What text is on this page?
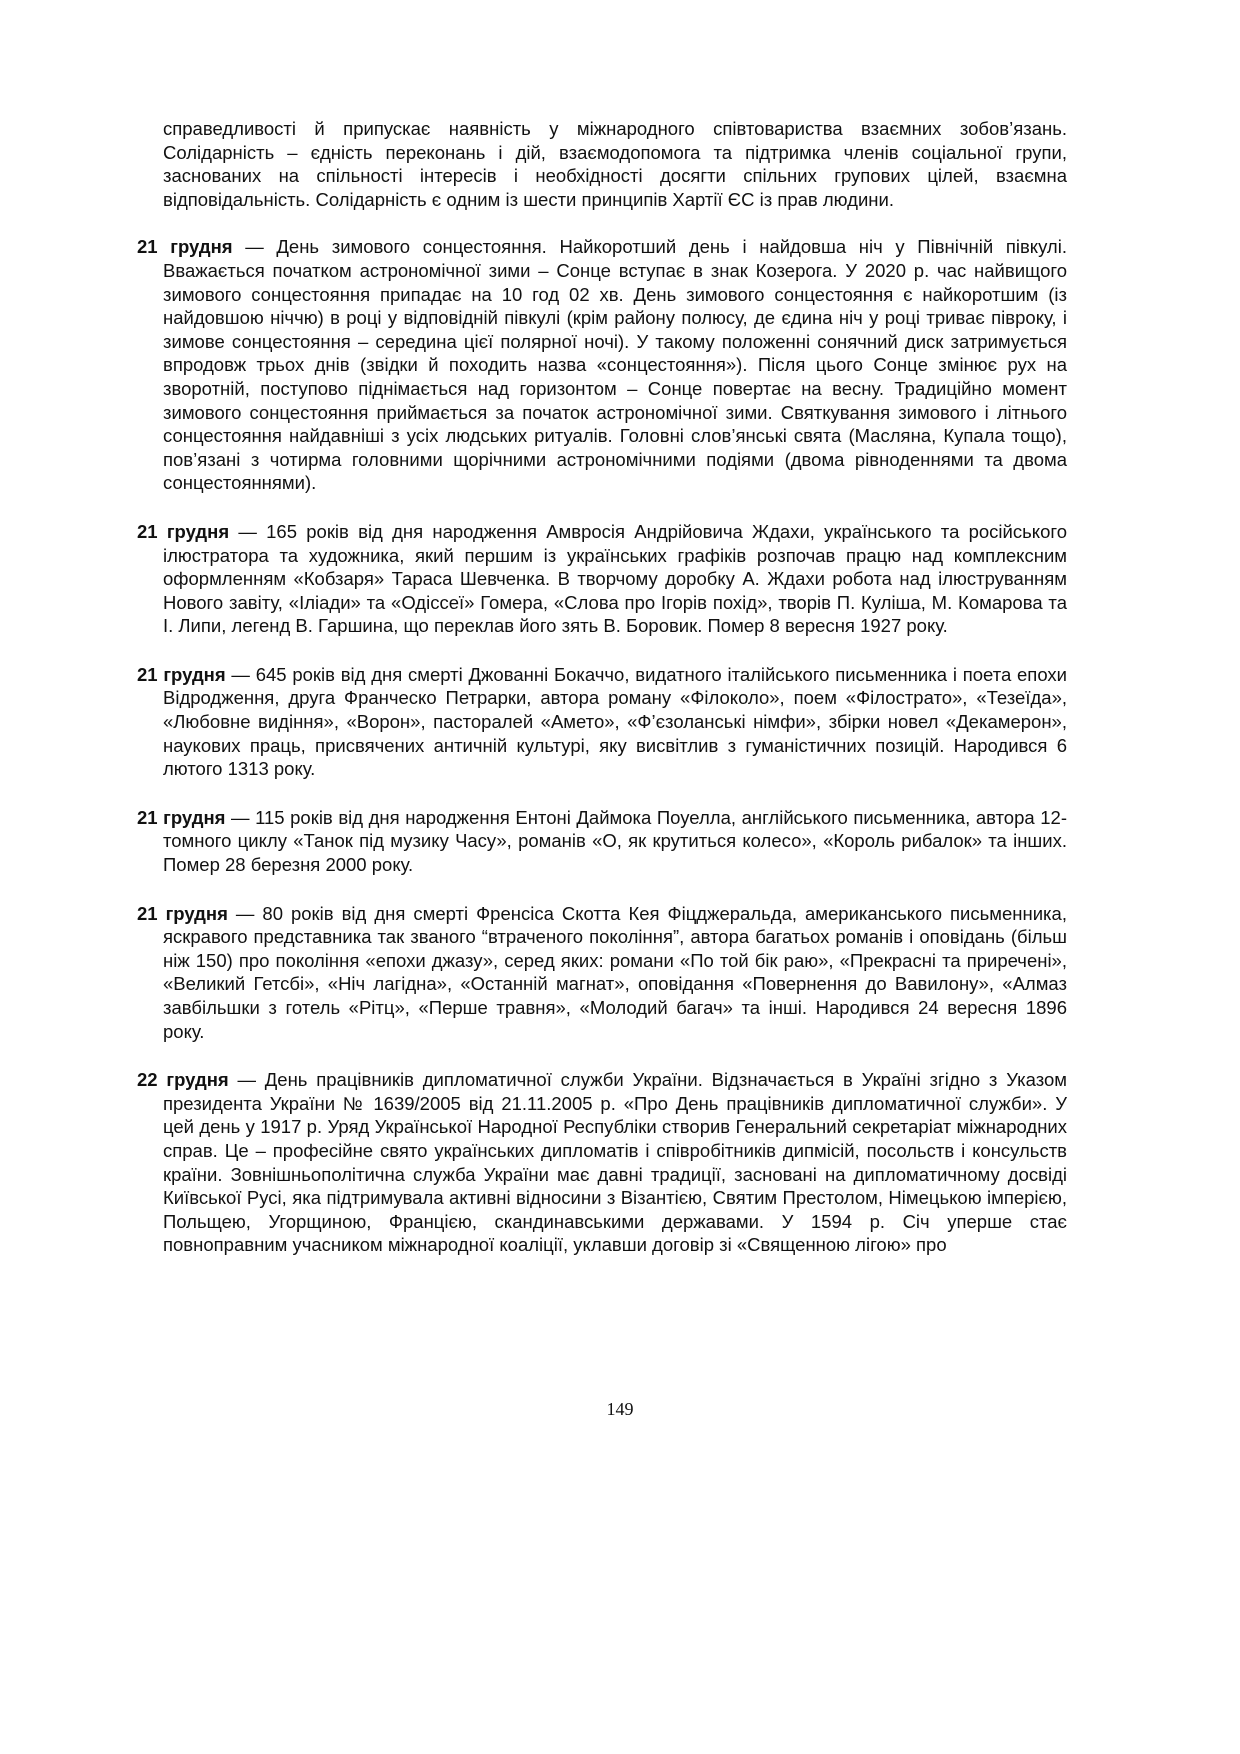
справедливості й припускає наявність у міжнародного співтовариства взаємних зобов’язань. Солідарність – єдність переконань і дій, взаємодопомога та підтримка членів соціальної групи, заснованих на спільності інтересів і необхідності досягти спільних групових цілей, взаємна відповідальність. Солідарність є одним із шести принципів Хартії ЄС із прав людини.

21 грудня — День зимового сонцестояння. Найкоротший день і найдовша ніч у Північній півкулі. Вважається початком астрономічної зими – Сонце вступає в знак Козерога. У 2020 р. час найвищого зимового сонцестояння припадає на 10 год 02 хв. День зимового сонцестояння є найкоротшим (із найдовшою ніччю) в році у відповідній півкулі (крім району полюсу, де єдина ніч у році триває півроку, і зимове сонцестояння – середина цієї полярної ночі). У такому положенні сонячний диск затримується впродовж трьох днів (звідки й походить назва «сонцестояння»). Після цього Сонце змінює рух на зворотній, поступово піднімається над горизонтом – Сонце повертає на весну. Традиційно момент зимового сонцестояння приймається за початок астрономічної зими. Святкування зимового і літнього сонцестояння найдавніші з усіх людських ритуалів. Головні слов’янські свята (Масляна, Купала тощо), пов’язані з чотирма головними щорічними астрономічними подіями (двома рівноденнями та двома сонцестояннями).

21 грудня — 165 років від дня народження Амвросія Андрійовича Ждахи, українського та російського ілюстратора та художника, який першим із українських графіків розпочав працю над комплексним оформленням «Кобзаря» Тараса Шевченка. В творчому доробку А. Ждахи робота над ілюструванням Нового завіту, «Іліади» та «Одіссеї» Гомера, «Слова про Ігорів похід», творів П. Куліша, М. Комарова та І. Липи, легенд В. Гаршина, що переклав його зять В. Боровик. Помер 8 вересня 1927 року.

21 грудня — 645 років від дня смерті Джованні Бокаччо, видатного італійського письменника і поета епохи Відродження, друга Франческо Петрарки, автора роману «Філоколо», поем «Філострато», «Тезеїда», «Любовне видіння», «Ворон», пасторалей «Амето», «Ф’єзоланські німфи», збірки новел «Декамерон», наукових праць, присвячених античній культурі, яку висвітлив з гуманістичних позицій. Народився 6 лютого 1313 року.

21 грудня — 115 років від дня народження Ентоні Даймока Поуелла, англійського письменника, автора 12-томного циклу «Танок під музику Часу», романів «О, як крутиться колесо», «Король рибалок» та інших. Помер 28 березня 2000 року.

21 грудня — 80 років від дня смерті Френсіса Скотта Кея Фіцджеральда, американського письменника, яскравого представника так званого “втраченого покоління”, автора багатьох романів і оповідань (більш ніж 150) про покоління «епохи джазу», серед яких: романи «По той бік раю», «Прекрасні та приречені», «Великий Гетсбі», «Ніч лагідна», «Останній магнат», оповідання «Повернення до Вавилону», «Алмаз завбільшки з готель «Рітц», «Перше травня», «Молодий багач» та інші. Народився 24 вересня 1896 року.

22 грудня — День працівників дипломатичної служби України. Відзначається в Україні згідно з Указом президента України № 1639/2005 від 21.11.2005 р. «Про День працівників дипломатичної служби». У цей день у 1917 р. Уряд Української Народної Республіки створив Генеральний секретаріат міжнародних справ. Це – професійне свято українських дипломатів і співробітників дипмісій, посольств і консульств країни. Зовнішньополітична служба України має давні традиції, засновані на дипломатичному досвіді Київської Русі, яка підтримувала активні відносини з Візантією, Святим Престолом, Німецькою імперією, Польщею, Угорщиною, Францією, скандинавськими державами. У 1594 р. Січ уперше стає повноправним учасником міжнародної коаліції, уклавши договір зі «Священною лігою» про

149
